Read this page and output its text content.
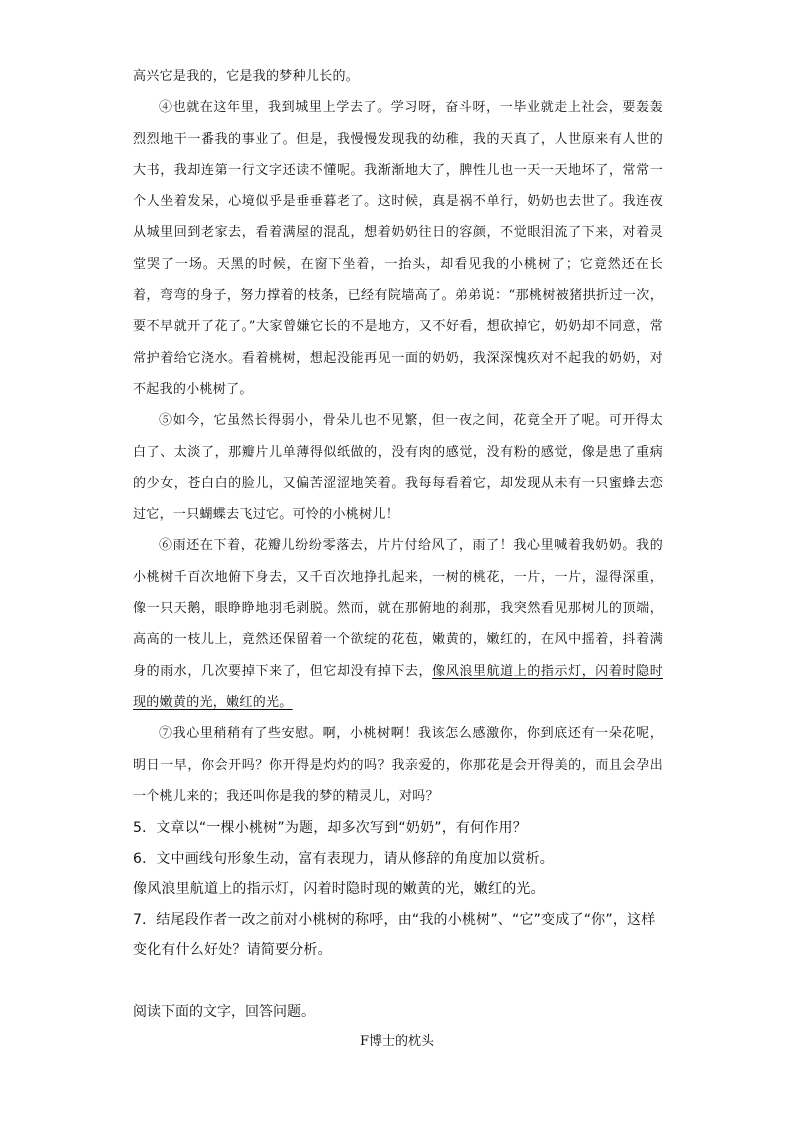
高兴它是我的，它是我的梦种儿长的。

④也就在这年里，我到城里上学去了。学习呀，奋斗呀，一毕业就走上社会，要轰轰烈烈地干一番我的事业了。但是，我慢慢发现我的幼稚，我的天真了，人世原来有人世的大书，我却连第一行文字还读不懂呢。我渐渐地大了，脾性儿也一天一天地坏了，常常一个人坐着发呆，心境似乎是垂垂暮老了。这时候，真是祸不单行，奶奶也去世了。我连夜从城里回到老家去，看着满屋的混乱，想着奶奶往日的容颜，不觉眼泪流了下来，对着灵堂哭了一场。天黑的时候，在窗下坐着，一抬头，却看见我的小桃树了；它竟然还在长着，弯弯的身子，努力撑着的枝条，已经有院墙高了。弟弟说：“那桃树被猪拱折过一次，要不早就开了花了。”大家曾嫌它长的不是地方，又不好看，想砍掉它，奶奶却不同意，常常护着给它浇水。看着桃树，想起没能再见一面的奶奶，我深深愧疚对不起我的奶奶，对不起我的小桃树了。

⑤如今，它虽然长得弱小，骨朵儿也不见繁，但一夜之间，花竟全开了呢。可开得太白了、太淡了，那瓣片儿单薄得似纸做的，没有肉的感觉，没有粉的感觉，像是患了重病的少女，苍白白的脸儿，又偏苦涩涩地笑着。我每每看着它，却发现从未有一只蜜蜂去恋过它，一只蝴蝶去飞过它。可怜的小桃树儿！

⑥雨还在下着，花瓣儿纷纷零落去，片片付给风了，雨了！我心里喊着我奶奶。我的小桃树千百次地俯下身去，又千百次地挣扎起来，一树的桃花，一片，一片，湿得深重，像一只天鹅，眼睁睁地羽毛剥脱。然而，就在那俯地的刹那，我突然看见那树儿的顶端，高高的一枝儿上，竟然还保留着一个欲绽的花苞，嫩黄的，嫩红的，在风中摇着，抖着满身的雨水，几次要掉下来了，但它却没有掉下去，像风浪里航道上的指示灯，闪着时隐时现的嫩黄的光，嫩红的光。

⑦我心里稍稍有了些安慰。啊，小桃树啊！我该怎么感激你，你到底还有一朵花呢，明日一早，你会开吗？你开得是灼灼的吗？我亲爱的，你那花是会开得美的，而且会孕出一个桃儿来的；我还叫你是我的梦的精灵儿，对吗？

5．文章以“一棵小桃树”为题，却多次写到“奶奶”，有何作用？

6．文中画线句形象生动，富有表现力，请从修辞的角度加以赏析。

像风浪里航道上的指示灯，闪着时隐时现的嫩黄的光，嫩红的光。

7．结尾段作者一改之前对小桃树的称呼，由“我的小桃树”、“它”变成了“你”，这样变化有什么好处？请简要分析。

阅读下面的文字，回答问题。
F博士的枕头
